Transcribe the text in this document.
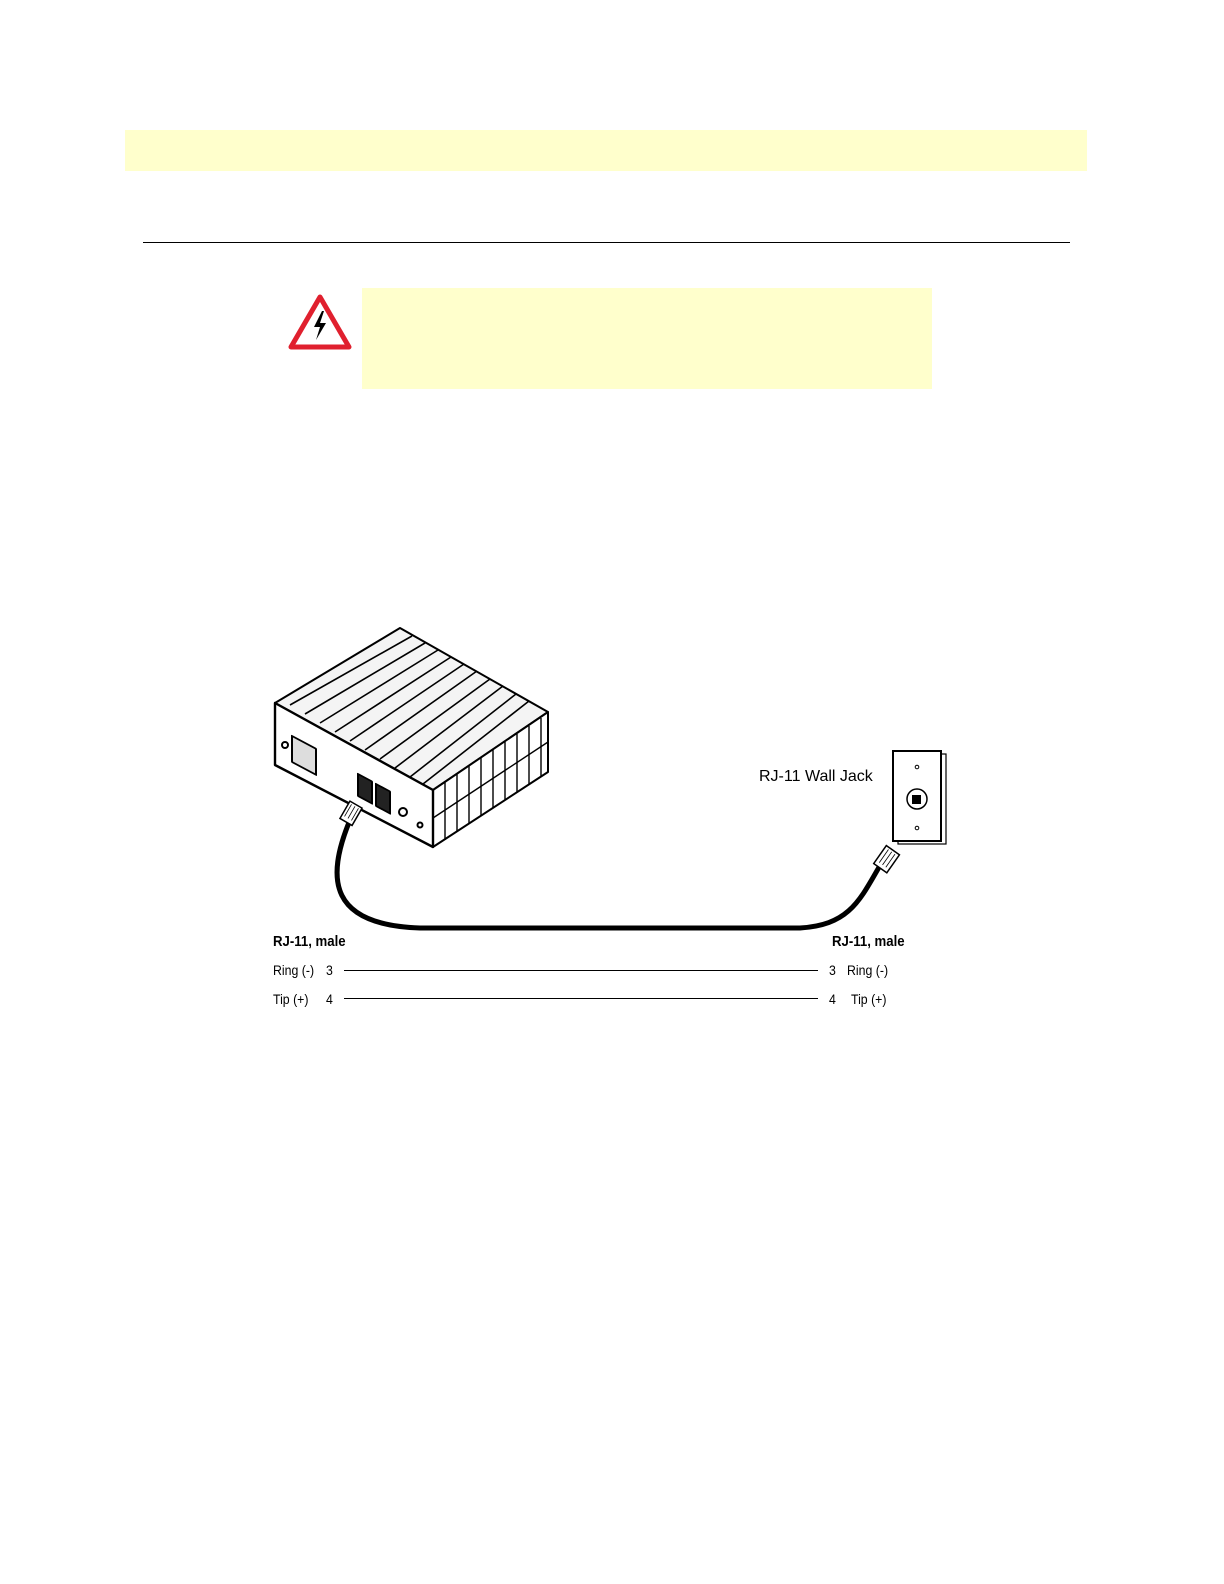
RJ-11 Wall Jack
RJ-11, male
Ring (-) 3
Tip (+) 4
RJ-11, male
3 Ring (-)
4 Tip (+)
